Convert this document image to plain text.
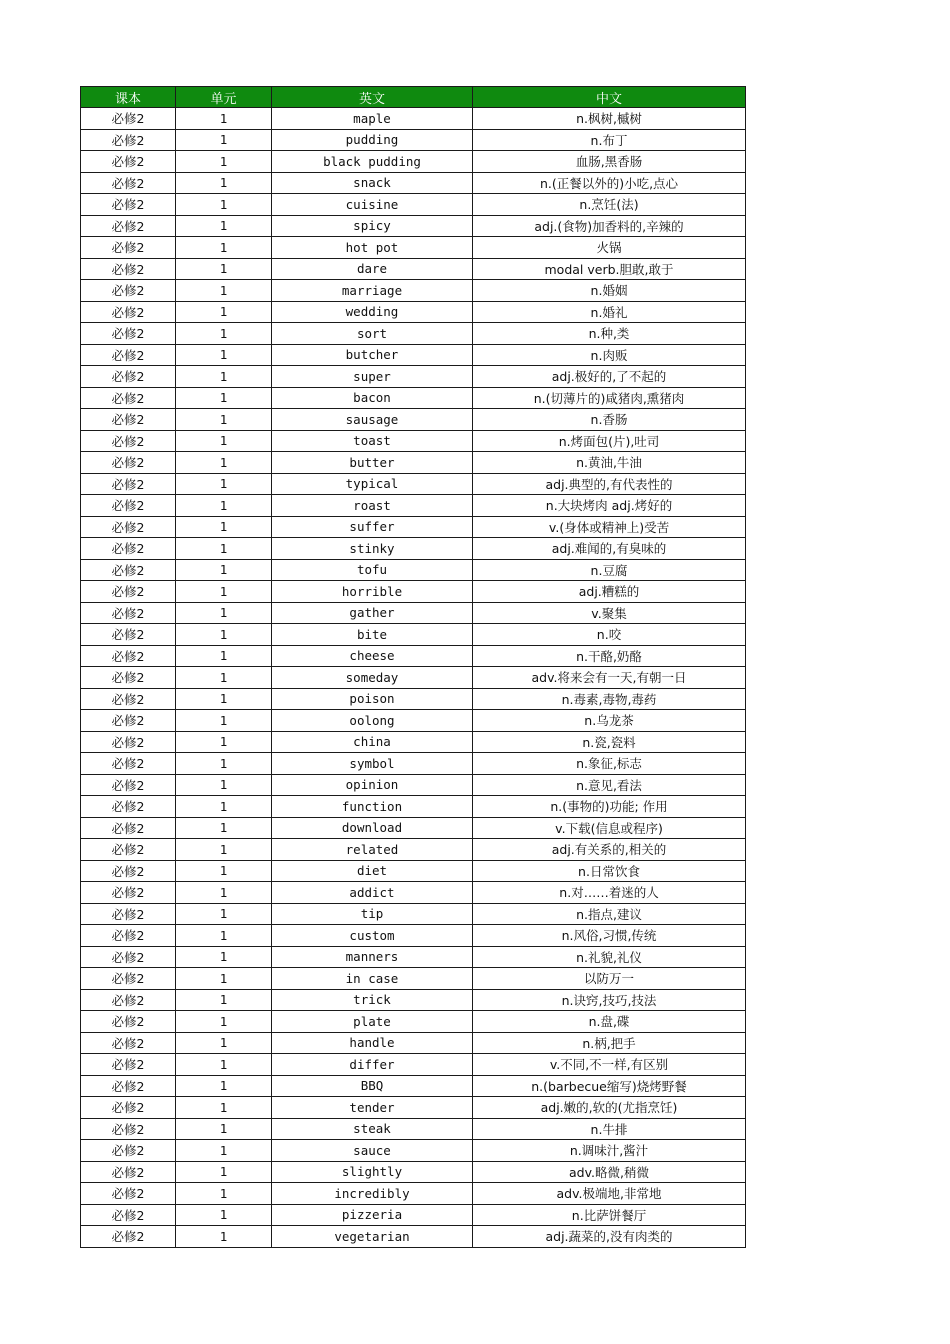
课本	单元	英文	中文
必修2	1	maple	n.枫树,槭树
必修2	1	pudding	n.布丁
必修2	1	black pudding	血肠,黑香肠
必修2	1	snack	n.(正餐以外的)小吃,点心
必修2	1	cuisine	n.烹饪(法)
必修2	1	spicy	adj.(食物)加香料的,辛辣的
必修2	1	hot pot	火锅
必修2	1	dare	modal verb.胆敢,敢于
必修2	1	marriage	n.婚姻
必修2	1	wedding	n.婚礼
必修2	1	sort	n.种,类
必修2	1	butcher	n.肉贩
必修2	1	super	adj.极好的,了不起的
必修2	1	bacon	n.(切薄片的)咸猪肉,熏猪肉
必修2	1	sausage	n.香肠
必修2	1	toast	n.烤面包(片),吐司
必修2	1	butter	n.黄油,牛油
必修2	1	typical	adj.典型的,有代表性的
必修2	1	roast	n.大块烤肉 adj.烤好的
必修2	1	suffer	v.(身体或精神上)受苦
必修2	1	stinky	adj.难闻的,有臭味的
必修2	1	tofu	n.豆腐
必修2	1	horrible	adj.糟糕的
必修2	1	gather	v.聚集
必修2	1	bite	n.咬
必修2	1	cheese	n.干酪,奶酪
必修2	1	someday	adv.将来会有一天,有朝一日
必修2	1	poison	n.毒素,毒物,毒药
必修2	1	oolong	n.乌龙茶
必修2	1	china	n.瓷,瓷料
必修2	1	symbol	n.象征,标志
必修2	1	opinion	n.意见,看法
必修2	1	function	n.(事物的)功能; 作用
必修2	1	download	v.下载(信息或程序)
必修2	1	related	adj.有关系的,相关的
必修2	1	diet	n.日常饮食
必修2	1	addict	n.对……着迷的人
必修2	1	tip	n.指点,建议
必修2	1	custom	n.风俗,习惯,传统
必修2	1	manners	n.礼貌,礼仪
必修2	1	in case	以防万一
必修2	1	trick	n.诀窍,技巧,技法
必修2	1	plate	n.盘,碟
必修2	1	handle	n.柄,把手
必修2	1	differ	v.不同,不一样,有区别
必修2	1	BBQ	n.(barbecue缩写)烧烤野餐
必修2	1	tender	adj.嫩的,软的(尤指烹饪)
必修2	1	steak	n.牛排
必修2	1	sauce	n.调味汁,酱汁
必修2	1	slightly	adv.略微,稍微
必修2	1	incredibly	adv.极端地,非常地
必修2	1	pizzeria	n.比萨饼餐厅
必修2	1	vegetarian	adj.蔬菜的,没有肉类的
